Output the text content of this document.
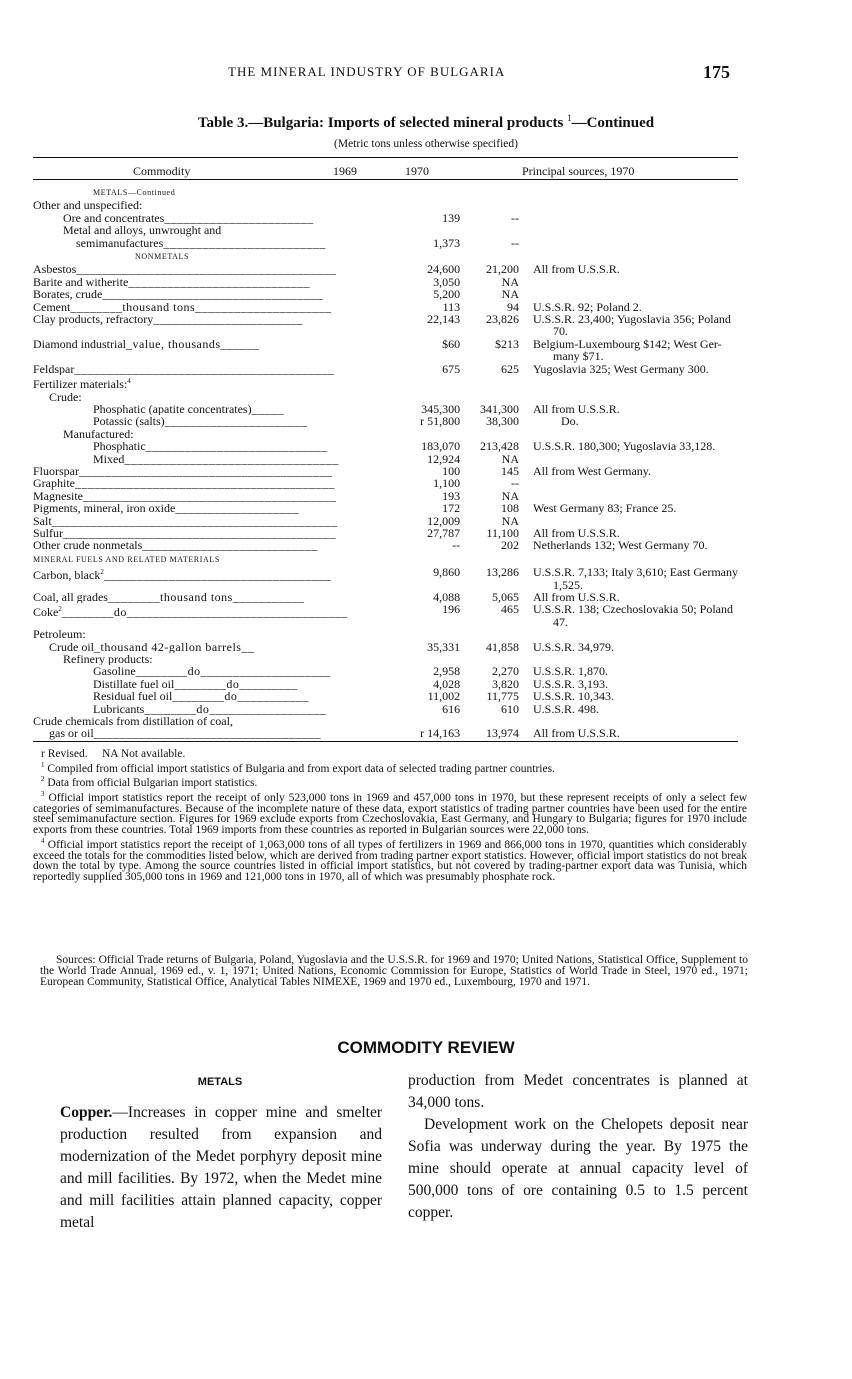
THE MINERAL INDUSTRY OF BULGARIA	175
Table 3.—Bulgaria: Imports of selected mineral products $^1$—Continued
(Metric tons unless otherwise specified)
Commodity	1969	1970	Principal sources, 1970
METALS—Continued			
Other and unspecified:			
Ore and concentrates_______________________	139	--	
Metal and alloys, unwrought and			
semimanufactures_________________________	1,373	--	
NONMETALS			
Asbestos________________________________________	24,600	21,200	All from U.S.S.R.
Barite and witherite____________________________	3,050	NA	
Borates, crude__________________________________	5,200	NA	
Cement________thousand tons_____________________	113	94	U.S.S.R. 92; Poland 2.
Clay products, refractory_______________________	22,143	23,826	U.S.S.R. 23,400; Yugoslavia 356; Poland
70.

Diamond industrial_value, thousands______	$60	$213	Belgium-Luxembourg $142; West Ger-
many $71.

Feldspar________________________________________	675	625	Yugoslavia 325; West Germany 300.
Fertilizer materials:$^4$			
Crude:			
Phosphatic (apatite concentrates)_____	345,300	341,300	All from U.S.S.R.
Potassic (salts)______________________	r 51,800	38,300	Do.
Manufactured:			
Phosphatic____________________________	183,070	213,428	U.S.S.R. 180,300; Yugoslavia 33,128.
Mixed_________________________________	12,924	NA	
Fluorspar_______________________________________	100	145	All from West Germany.
Graphite________________________________________	1,100	--	
Magnesite_______________________________________	193	NA	
Pigments, mineral, iron oxide___________________	172	108	West Germany 83; France 25.
Salt____________________________________________	12,009	NA	
Sulfur__________________________________________	27,787	11,100	All from U.S.S.R.
Other crude nonmetals___________________________	--	202	Netherlands 132; West Germany 70.
MINERAL FUELS AND RELATED MATERIALS			
Carbon, black$^2$___________________________________	9,860	13,286	U.S.S.R. 7,133; Italy 3,610; East Germany
1,525.

Coal, all grades________thousand tons___________	4,088	5,065	All from U.S.S.R.
Coke$^2$________do__________________________________	196	465	U.S.S.R. 138; Czechoslovakia 50; Poland
47.

Petroleum:			
Crude oil_thousand 42-gallon barrels__	35,331	41,858	U.S.S.R. 34,979.
Refinery products:			
Gasoline________do____________________	2,958	2,270	U.S.S.R. 1,870.
Distillate fuel oil________do_________	4,028	3,820	U.S.S.R. 3,193.
Residual fuel oil________do___________	11,002	11,775	U.S.S.R. 10,343.
Lubricants________do__________________	616	610	U.S.S.R. 498.
Crude chemicals from distillation of coal,			
gas or oil___________________________________	r 14,163	13,974	All from U.S.S.R.

r Revised.     NA Not available.

$^1$ Compiled from official import statistics of Bulgaria and from export data of selected trading partner countries.

$^2$ Data from official Bulgarian import statistics.

$^3$ Official import statistics report the receipt of only 523,000 tons in 1969 and 457,000 tons in 1970, but these represent receipts of only a select few categories of semimanufactures. Because of the incomplete nature of these data, export statistics of trading partner countries have been used for the entire steel semimanufacture section. Figures for 1969 exclude exports from Czechoslovakia, East Germany, and Hungary to Bulgaria; figures for 1970 include exports from these countries. Total 1969 imports from these countries as reported in Bulgarian sources were 22,000 tons.

$^4$ Official import statistics report the receipt of 1,063,000 tons of all types of fertilizers in 1969 and 866,000 tons in 1970, quantities which considerably exceed the totals for the commodities listed below, which are derived from trading partner export statistics. However, official import statistics do not break down the total by type. Among the source countries listed in official import statistics, but not covered by trading-partner export data was Tunisia, which reportedly supplied 305,000 tons in 1969 and 121,000 tons in 1970, all of which was presumably phosphate rock.

Sources: Official Trade returns of Bulgaria, Poland, Yugoslavia and the U.S.S.R. for 1969 and 1970; United Nations, Statistical Office, Supplement to the World Trade Annual, 1969 ed., v. 1, 1971; United Nations, Economic Commission for Europe, Statistics of World Trade in Steel, 1970 ed., 1971; European Community, Statistical Office, Analytical Tables NIMEXE, 1969 and 1970 ed., Luxembourg, 1970 and 1971.
COMMODITY REVIEW
METALS
Copper.—Increases in copper mine and smelter production resulted from expansion and modernization of the Medet porphyry deposit mine and mill facilities. By 1972, when the Medet mine and mill facilities attain planned capacity, copper metal
production from Medet concentrates is planned at 34,000 tons.
Development work on the Chelopets deposit near Sofia was underway during the year. By 1975 the mine should operate at annual capacity level of 500,000 tons of ore containing 0.5 to 1.5 percent copper.
